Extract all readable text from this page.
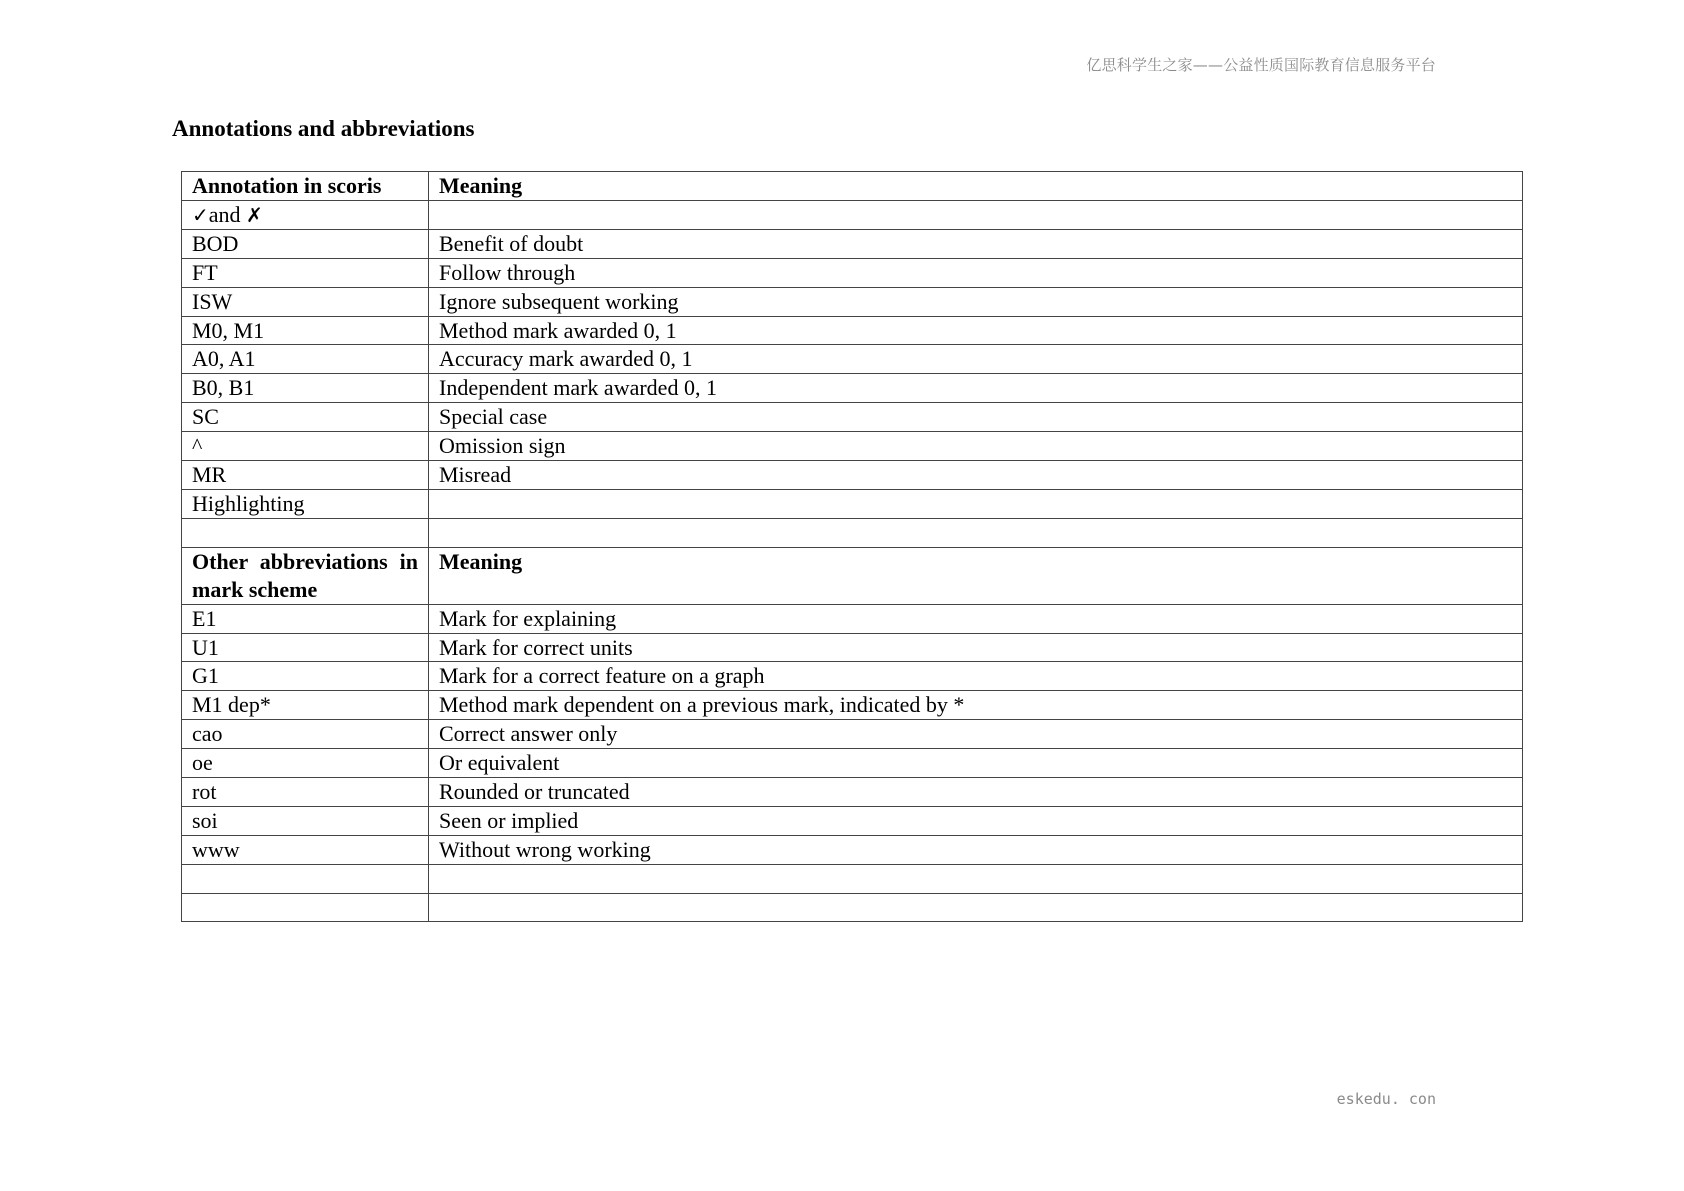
亿思科学生之家——公益性质国际教育信息服务平台
Annotations and abbreviations
Annotation in scoris	Meaning
✓and ✗	
BOD	Benefit of doubt
FT	Follow through
ISW	Ignore subsequent working
M0, M1	Method mark awarded 0, 1
A0, A1	Accuracy mark awarded 0, 1
B0, B1	Independent mark awarded 0, 1
SC	Special case
^	Omission sign
MR	Misread
Highlighting	

Other abbreviations in mark scheme	Meaning
E1	Mark for explaining
U1	Mark for correct units
G1	Mark for a correct feature on a graph
M1 dep*	Method mark dependent on a previous mark, indicated by *
cao	Correct answer only
oe	Or equivalent
rot	Rounded or truncated
soi	Seen or implied
www	Without wrong working

eskedu. con
